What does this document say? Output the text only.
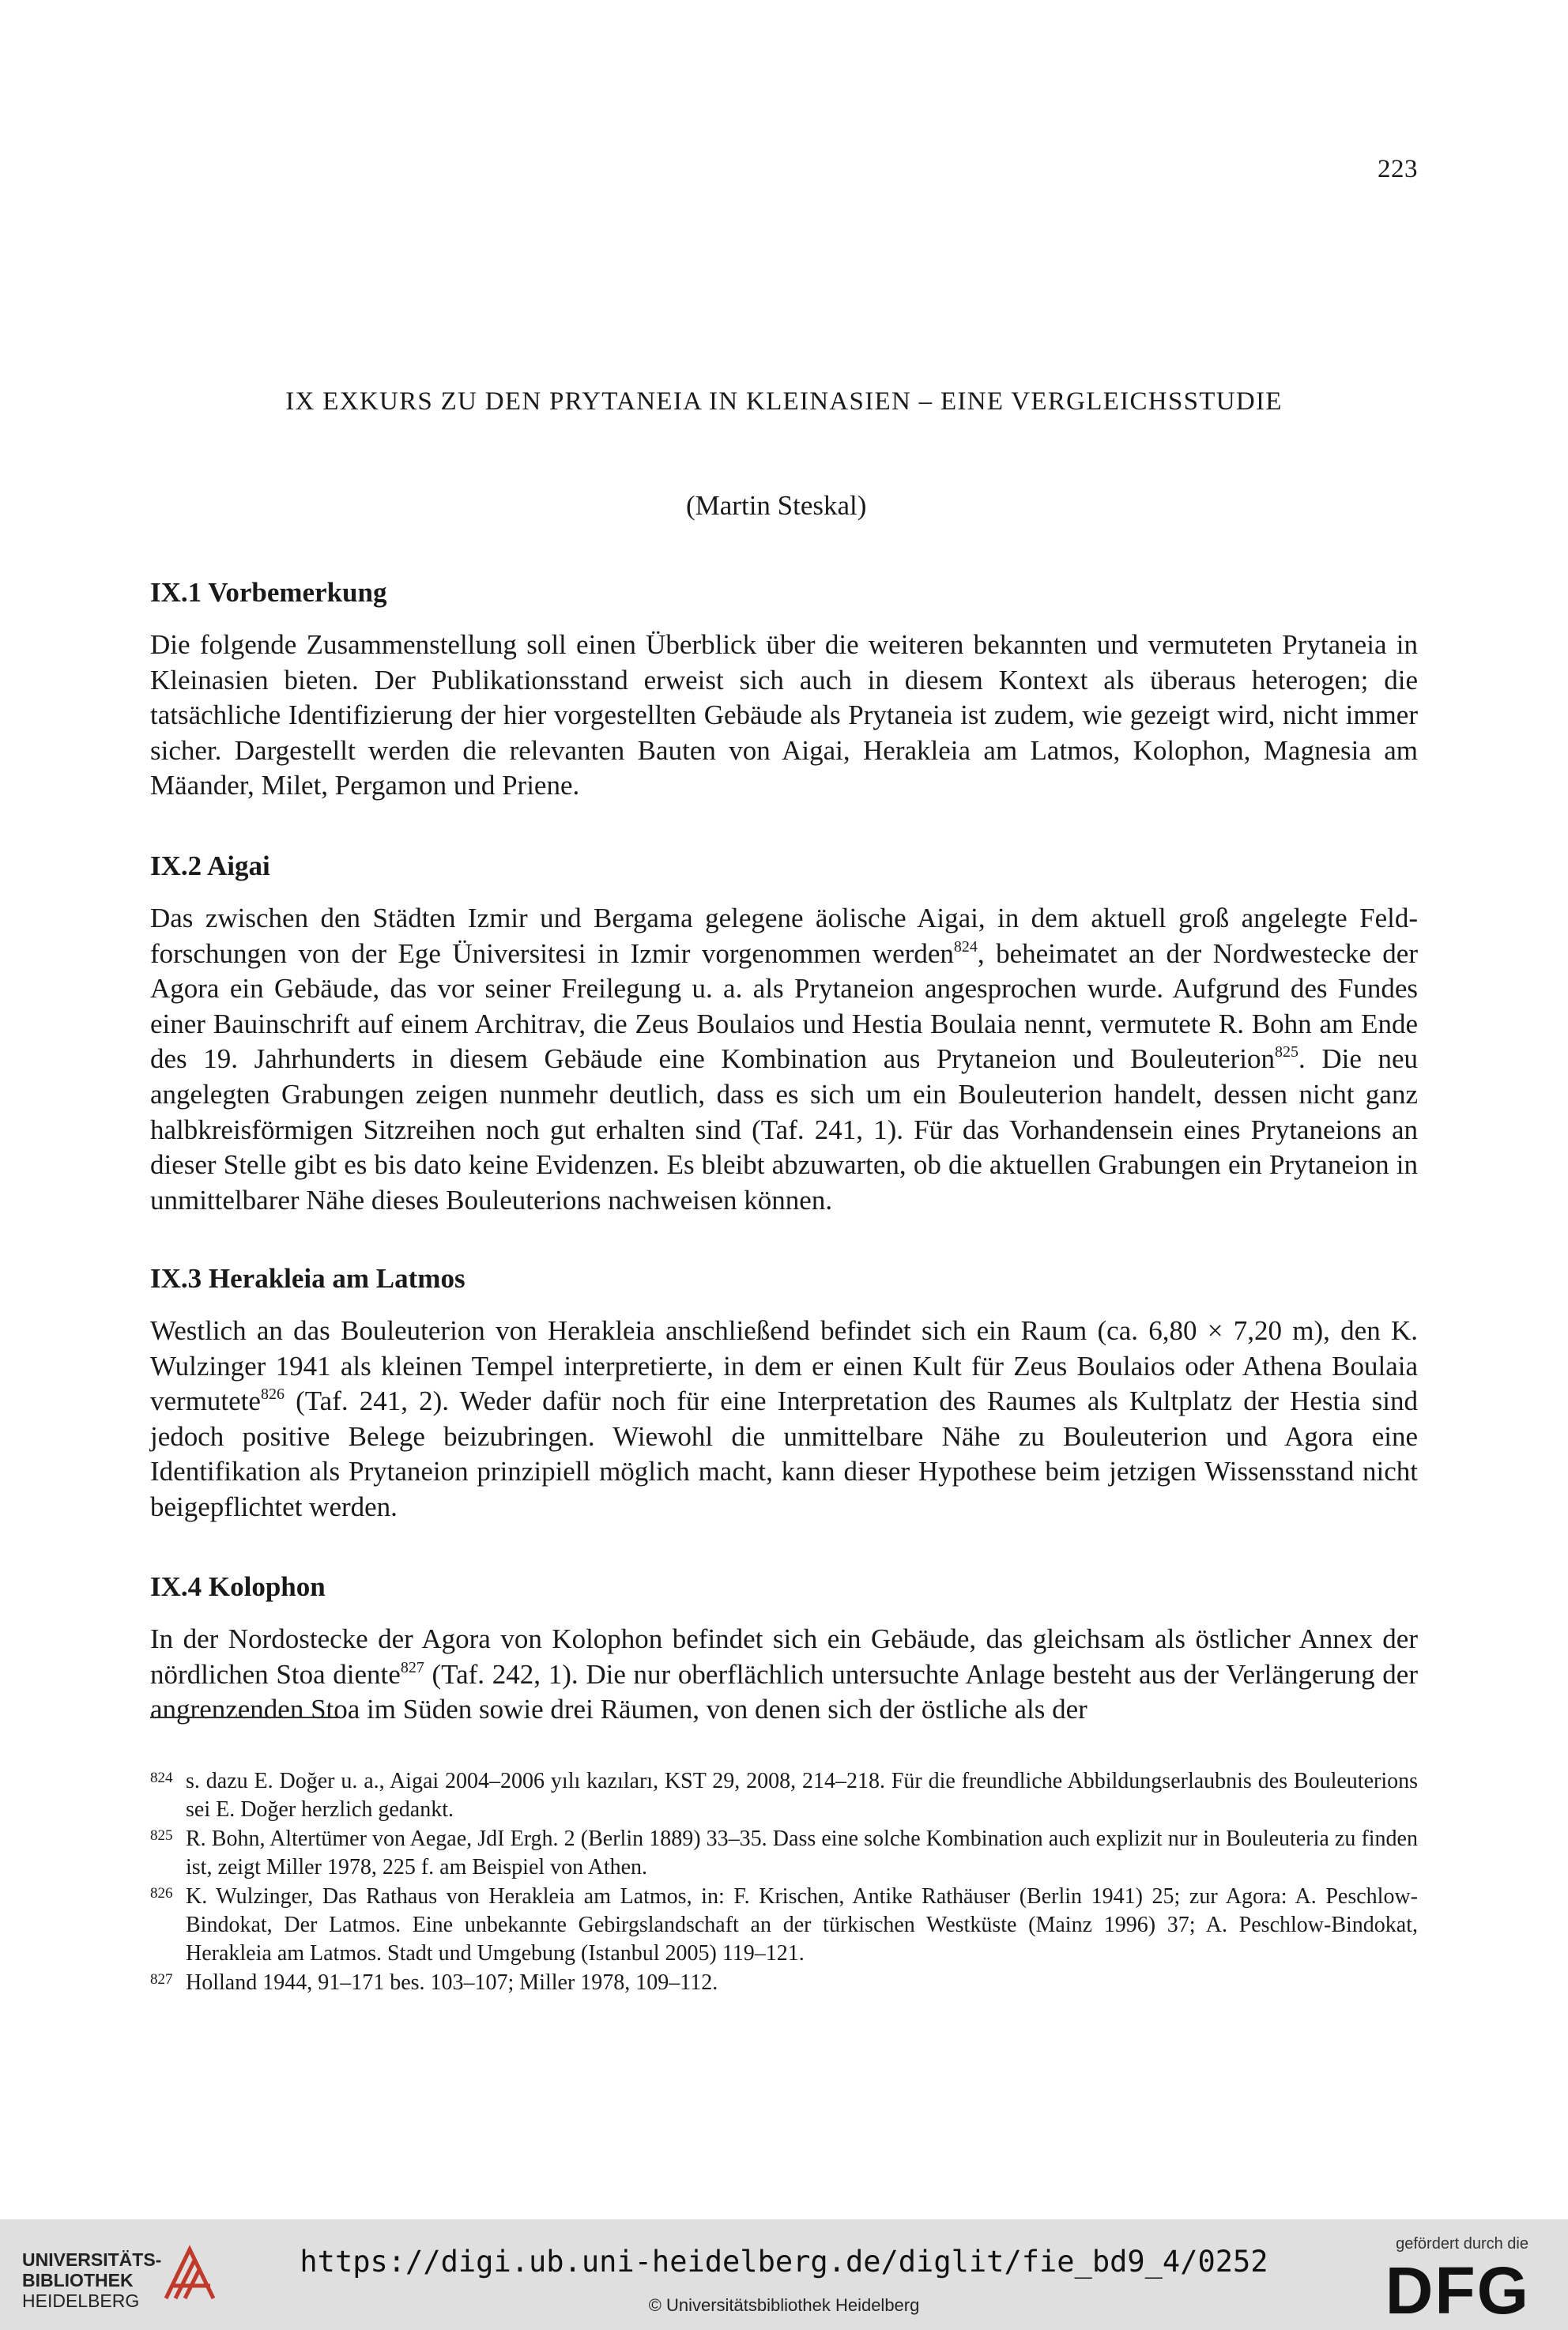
223
IX EXKURS ZU DEN PRYTANEIA IN KLEINASIEN – EINE VERGLEICHSSTUDIE
(Martin Steskal)
IX.1 Vorbemerkung

Die folgende Zusammenstellung soll einen Überblick über die weiteren bekannten und vermuteten Prytaneia in Kleinasien bieten. Der Publikationsstand erweist sich auch in diesem Kontext als überaus heterogen; die tatsächliche Identifizierung der hier vorgestellten Gebäude als Prytaneia ist zudem, wie gezeigt wird, nicht immer sicher. Dargestellt werden die relevanten Bauten von Aigai, Herakleia am Latmos, Kolophon, Magnesia am Mäander, Milet, Pergamon und Priene.

IX.2 Aigai

Das zwischen den Städten Izmir und Bergama gelegene äolische Aigai, in dem aktuell groß angelegte Feldforschungen von der Ege Üniversitesi in Izmir vorgenommen werden$^{824}$, beheimatet an der Nordwestecke der Agora ein Gebäude, das vor seiner Freilegung u. a. als Prytaneion angesprochen wurde. Aufgrund des Fundes einer Bauinschrift auf einem Architrav, die Zeus Boulaios und Hestia Boulaia nennt, vermutete R. Bohn am Ende des 19. Jahrhunderts in diesem Gebäude eine Kombination aus Prytaneion und Bouleuterion$^{825}$. Die neu angelegten Grabungen zeigen nunmehr deutlich, dass es sich um ein Bouleuterion handelt, dessen nicht ganz halbkreisförmigen Sitzreihen noch gut erhalten sind (Taf. 241, 1). Für das Vorhandensein eines Prytaneions an dieser Stelle gibt es bis dato keine Evidenzen. Es bleibt abzuwarten, ob die aktuellen Grabungen ein Prytaneion in unmittelbarer Nähe dieses Bouleuterions nachweisen können.

IX.3 Herakleia am Latmos

Westlich an das Bouleuterion von Herakleia anschließend befindet sich ein Raum (ca. 6,80 × 7,20 m), den K. Wulzinger 1941 als kleinen Tempel interpretierte, in dem er einen Kult für Zeus Boulaios oder Athena Boulaia vermutete$^{826}$ (Taf. 241, 2). Weder dafür noch für eine Interpretation des Raumes als Kultplatz der Hestia sind jedoch positive Belege beizubringen. Wiewohl die unmittelbare Nähe zu Bouleuterion und Agora eine Identifikation als Prytaneion prinzipiell möglich macht, kann dieser Hypothese beim jetzigen Wissensstand nicht beigepflichtet werden.

IX.4 Kolophon

In der Nordostecke der Agora von Kolophon befindet sich ein Gebäude, das gleichsam als östlicher Annex der nördlichen Stoa diente$^{827}$ (Taf. 242, 1). Die nur oberflächlich untersuchte Anlage besteht aus der Verlängerung der angrenzenden Stoa im Süden sowie drei Räumen, von denen sich der östliche als der

824 s. dazu E. Doğer u. a., Aigai 2004–2006 yılı kazıları, KST 29, 2008, 214–218. Für die freundliche Abbildungserlaubnis des Bouleuterions sei E. Doğer herzlich gedankt.
825 R. Bohn, Altertümer von Aegae, JdI Ergh. 2 (Berlin 1889) 33–35. Dass eine solche Kombination auch explizit nur in Bouleuteria zu finden ist, zeigt Miller 1978, 225 f. am Beispiel von Athen.
826 K. Wulzinger, Das Rathaus von Herakleia am Latmos, in: F. Krischen, Antike Rathäuser (Berlin 1941) 25; zur Agora: A. Peschlow-Bindokat, Der Latmos. Eine unbekannte Gebirgslandschaft an der türkischen Westküste (Mainz 1996) 37; A. Peschlow-Bindokat, Herakleia am Latmos. Stadt und Umgebung (Istanbul 2005) 119–121.
827 Holland 1944, 91–171 bes. 103–107; Miller 1978, 109–112.
UNIVERSITÄTS-
BIBLIOTHEK
HEIDELBERG
https://digi.ub.uni-heidelberg.de/diglit/fie_bd9_4/0252
© Universitätsbibliothek Heidelberg
gefördert durch die
DFG
